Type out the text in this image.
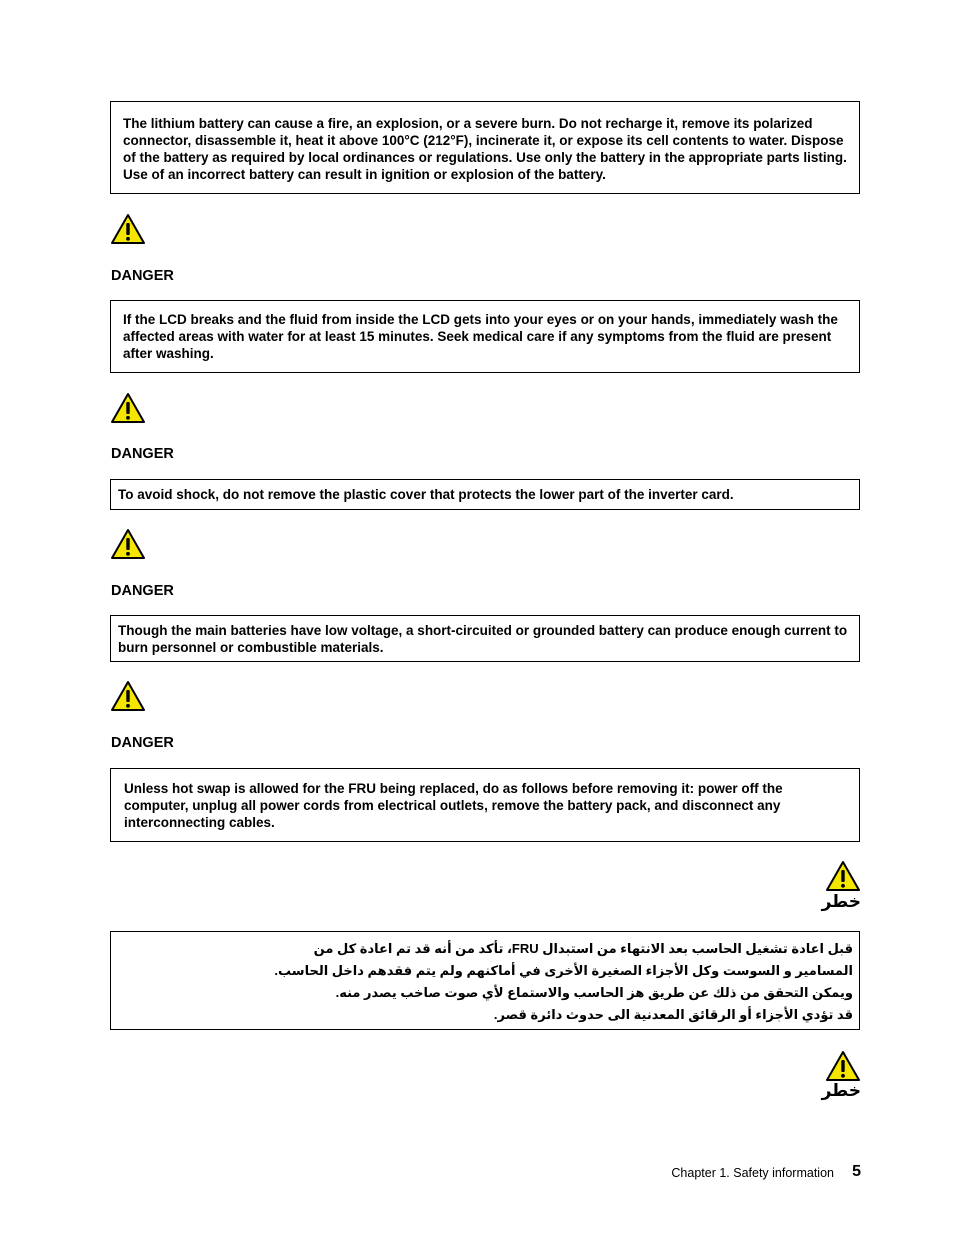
The lithium battery can cause a fire, an explosion, or a severe burn. Do not recharge it, remove its polarized connector, disassemble it, heat it above 100°C (212°F), incinerate it, or expose its cell contents to water. Dispose of the battery as required by local ordinances or regulations. Use only the battery in the appropriate parts listing. Use of an incorrect battery can result in ignition or explosion of the battery.

DANGER

If the LCD breaks and the fluid from inside the LCD gets into your eyes or on your hands, immediately wash the affected areas with water for at least 15 minutes. Seek medical care if any symptoms from the fluid are present after washing.

DANGER

To avoid shock, do not remove the plastic cover that protects the lower part of the inverter card.

DANGER

Though the main batteries have low voltage, a short-circuited or grounded battery can produce enough current to burn personnel or combustible materials.

DANGER

Unless hot swap is allowed for the FRU being replaced, do as follows before removing it: power off the computer, unplug all power cords from electrical outlets, remove the battery pack, and disconnect any interconnecting cables.

خطر

قبل اعادة تشغيل الحاسب بعد الانتهاء من استبدال FRU، تأكد من أنه قد تم اعادة كل من

المسامير و السوست وكل الأجزاء الصغيرة الأخرى في أماكنهم ولم يتم فقدهم داخل الحاسب.

ويمكن التحقق من ذلك عن طريق هز الحاسب والاستماع لأي صوت صاخب يصدر منه.

قد تؤدي الأجزاء أو الرقائق المعدنية الى حدوث دائرة قصر.

خطر
Chapter 1. Safety information 5
